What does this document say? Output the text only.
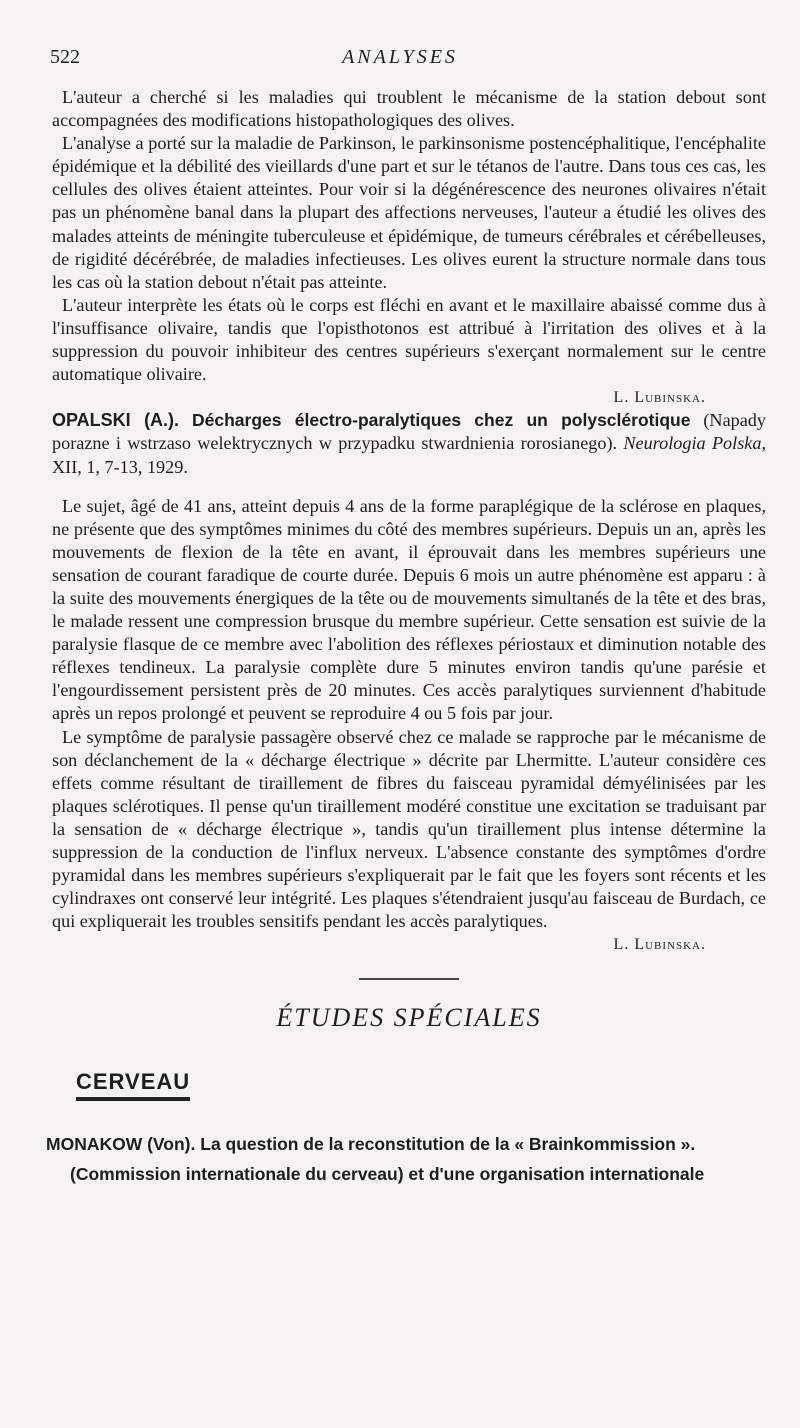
522	ANALYSES

L'auteur a cherché si les maladies qui troublent le mécanisme de la station debout sont accompagnées des modifications histopathologiques des olives.

L'analyse a porté sur la maladie de Parkinson, le parkinsonisme postencéphalitique, l'encéphalite épidémique et la débilité des vieillards d'une part et sur le tétanos de l'autre. Dans tous ces cas, les cellules des olives étaient atteintes. Pour voir si la dégénérescence des neurones olivaires n'était pas un phénomène banal dans la plupart des affections nerveuses, l'auteur a étudié les olives des malades atteints de méningite tuberculeuse et épidémique, de tumeurs cérébrales et cérébelleuses, de rigidité décérébrée, de maladies infectieuses. Les olives eurent la structure normale dans tous les cas où la station debout n'était pas atteinte.

L'auteur interprète les états où le corps est fléchi en avant et le maxillaire abaissé comme dus à l'insuffisance olivaire, tandis que l'opisthotonos est attribué à l'irritation des olives et à la suppression du pouvoir inhibiteur des centres supérieurs s'exerçant normalement sur le centre automatique olivaire.

L. Lubinska.

OPALSKI (A.). Décharges électro-paralytiques chez un polysclérotique (Napady porazne i wstrzaso welektrycznych w przypadku stwardnienia rorosianego). Neurologia Polska, XII, 1, 7-13, 1929.

Le sujet, âgé de 41 ans, atteint depuis 4 ans de la forme paraplégique de la sclérose en plaques, ne présente que des symptômes minimes du côté des membres supérieurs. Depuis un an, après les mouvements de flexion de la tête en avant, il éprouvait dans les membres supérieurs une sensation de courant faradique de courte durée. Depuis 6 mois un autre phénomène est apparu : à la suite des mouvements énergiques de la tête ou de mouvements simultanés de la tête et des bras, le malade ressent une compression brusque du membre supérieur. Cette sensation est suivie de la paralysie flasque de ce membre avec l'abolition des réflexes périostaux et diminution notable des réflexes tendineux. La paralysie complète dure 5 minutes environ tandis qu'une parésie et l'engourdissement persistent près de 20 minutes. Ces accès paralytiques surviennent d'habitude après un repos prolongé et peuvent se reproduire 4 ou 5 fois par jour.

Le symptôme de paralysie passagère observé chez ce malade se rapproche par le mécanisme de son déclanchement de la « décharge électrique » décrite par Lhermitte. L'auteur considère ces effets comme résultant de tiraillement de fibres du faisceau pyramidal démyélinisées par les plaques sclérotiques. Il pense qu'un tiraillement modéré constitue une excitation se traduisant par la sensation de « décharge électrique », tandis qu'un tiraillement plus intense détermine la suppression de la conduction de l'influx nerveux. L'absence constante des symptômes d'ordre pyramidal dans les membres supérieurs s'expliquerait par le fait que les foyers sont récents et les cylindraxes ont conservé leur intégrité. Les plaques s'étendraient jusqu'au faisceau de Burdach, ce qui expliquerait les troubles sensitifs pendant les accès paralytiques.

L. Lubinska.
ÉTUDES SPÉCIALES
CERVEAU
MONAKOW (Von). La question de la reconstitution de la « Brainkommission ».
(Commission internationale du cerveau) et d'une organisation internationale
